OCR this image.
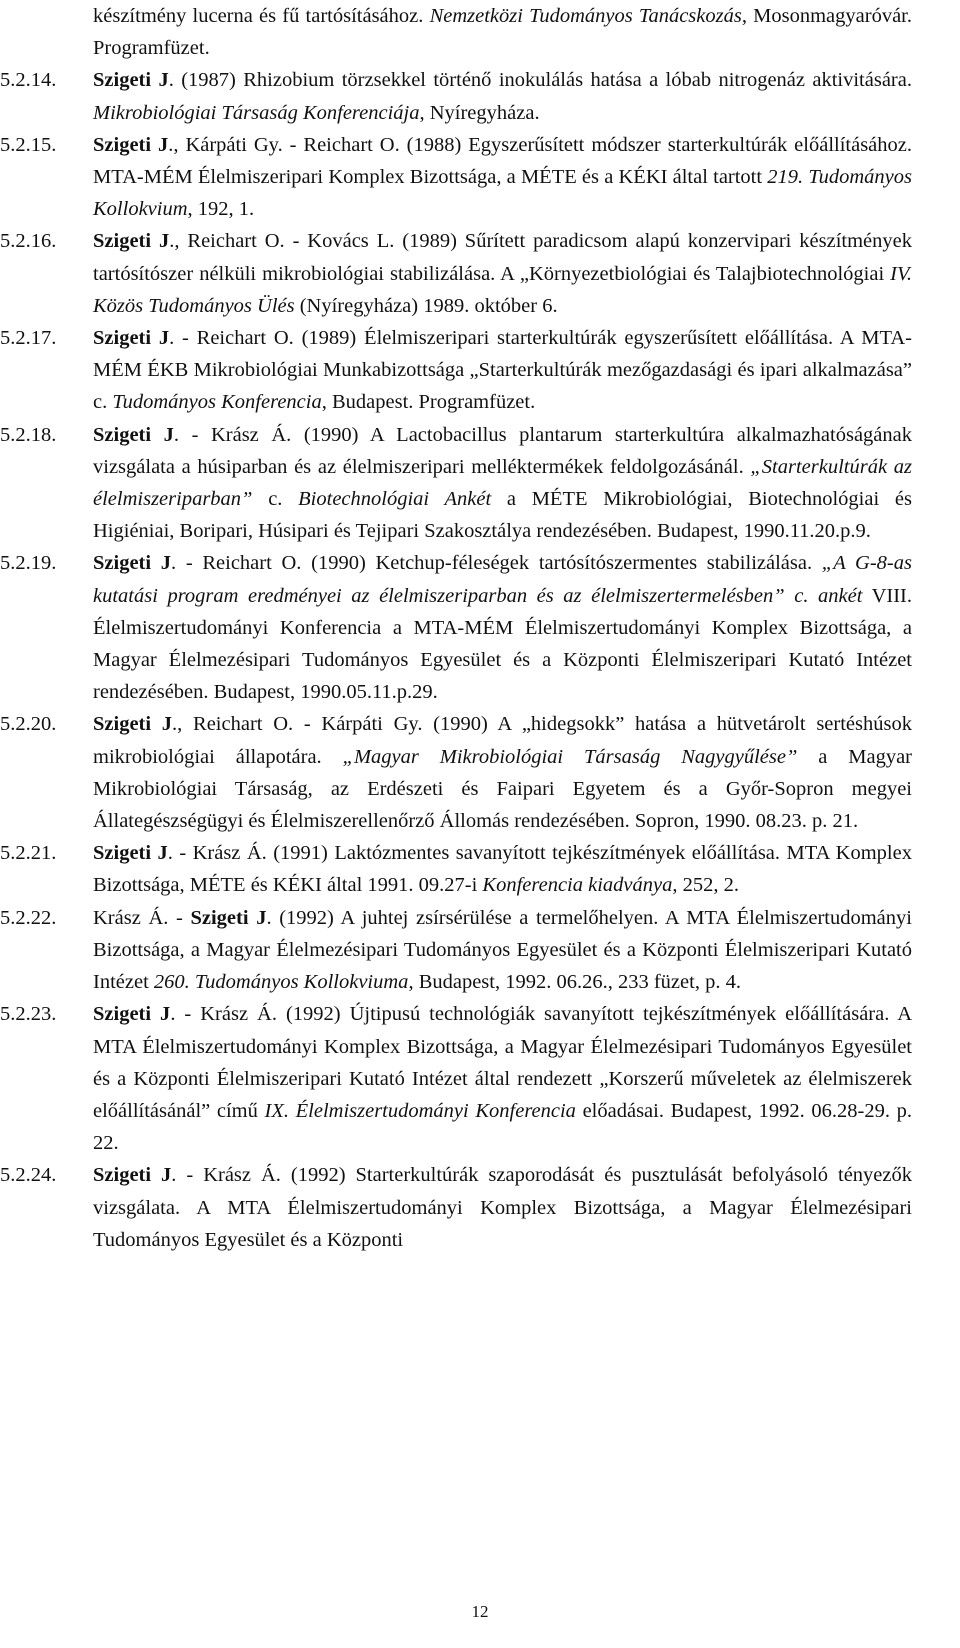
készítmény lucerna és fű tartósításához. Nemzetközi Tudományos Tanácskozás, Mosonmagyaróvár. Programfüzet.
5.2.14.	Szigeti J. (1987) Rhizobium törzsekkel történő inokulálás hatása a lóbab nitrogenáz aktivitására. Mikrobiológiai Társaság Konferenciája, Nyíregyháza.
5.2.15.	Szigeti J., Kárpáti Gy. - Reichart O. (1988) Egyszerűsített módszer starterkultúrák előállításához. MTA-MÉM Élelmiszeripari Komplex Bizottsága, a MÉTE és a KÉKI által tartott 219. Tudományos Kollokvium, 192, 1.
5.2.16.	Szigeti J., Reichart O. - Kovács L. (1989) Sűrített paradicsom alapú konzervipari készítmények tartósítószer nélküli mikrobiológiai stabilizálása. A „Környezetbiológiai és Talajbiotechnológiai IV. Közös Tudományos Ülés (Nyíregyháza) 1989. október 6.
5.2.17.	Szigeti J. - Reichart O. (1989) Élelmiszeripari starterkultúrák egyszerűsített előállítása. A MTA-MÉM ÉKB Mikrobiológiai Munkabizottsága „Starterkultúrák mezőgazdasági és ipari alkalmazása” c. Tudományos Konferencia, Budapest. Programfüzet.
5.2.18.	Szigeti J. - Krász Á. (1990) A Lactobacillus plantarum starterkultúra alkalmazhatóságának vizsgálata a húsiparban és az élelmiszeripari melléktermékek feldolgozásánál. „Starterkultúrák az élelmiszeriparban” c. Biotechnológiai Ankét a MÉTE Mikrobiológiai, Biotechnológiai és Higiéniai, Boripari, Húsipari és Tejipari Szakosztálya rendezésében. Budapest, 1990.11.20.p.9.
5.2.19.	Szigeti J. - Reichart O. (1990) Ketchup-féleségek tartósítószermentes stabilizálása. „A G-8-as kutatási program eredményei az élelmiszeriparban és az élelmiszertermelésben” c. ankét VIII. Élelmiszertudományi Konferencia a MTA-MÉM Élelmiszertudományi Komplex Bizottsága, a Magyar Élelmezésipari Tudományos Egyesület és a Központi Élelmiszeripari Kutató Intézet rendezésében. Budapest, 1990.05.11.p.29.
5.2.20.	Szigeti J., Reichart O. - Kárpáti Gy. (1990) A „hidegsokk” hatása a hütvetárolt sertéshúsok mikrobiológiai állapotára. „Magyar Mikrobiológiai Társaság Nagygyűlése” a Magyar Mikrobiológiai Társaság, az Erdészeti és Faipari Egyetem és a Győr-Sopron megyei Állategészségügyi és Élelmiszerellenőrző Állomás rendezésében. Sopron, 1990. 08.23. p. 21.
5.2.21.	Szigeti J. - Krász Á. (1991) Laktózmentes savanyított tejkészítmények előállítása. MTA Komplex Bizottsága, MÉTE és KÉKI által 1991. 09.27-i Konferencia kiadványa, 252, 2.
5.2.22.	Krász Á. - Szigeti J. (1992) A juhtej zsírsérülése a termelőhelyen. A MTA Élelmiszertudományi Bizottsága, a Magyar Élelmezésipari Tudományos Egyesület és a Központi Élelmiszeripari Kutató Intézet 260. Tudományos Kollokviuma, Budapest, 1992. 06.26., 233 füzet, p. 4.
5.2.23.	Szigeti J. - Krász Á. (1992) Újtipusú technológiák savanyított tejkészítmények előállítására. A MTA Élelmiszertudományi Komplex Bizottsága, a Magyar Élelmezésipari Tudományos Egyesület és a Központi Élelmiszeripari Kutató Intézet által rendezett „Korszerű műveletek az élelmiszerek előállításánál” című IX. Élelmiszertudományi Konferencia előadásai. Budapest, 1992. 06.28-29. p. 22.
5.2.24.	Szigeti J. - Krász Á. (1992) Starterkultúrák szaporodását és pusztulását befolyásoló tényezők vizsgálata. A MTA Élelmiszertudományi Komplex Bizottsága, a Magyar Élelmezésipari Tudományos Egyesület és a Központi
12
